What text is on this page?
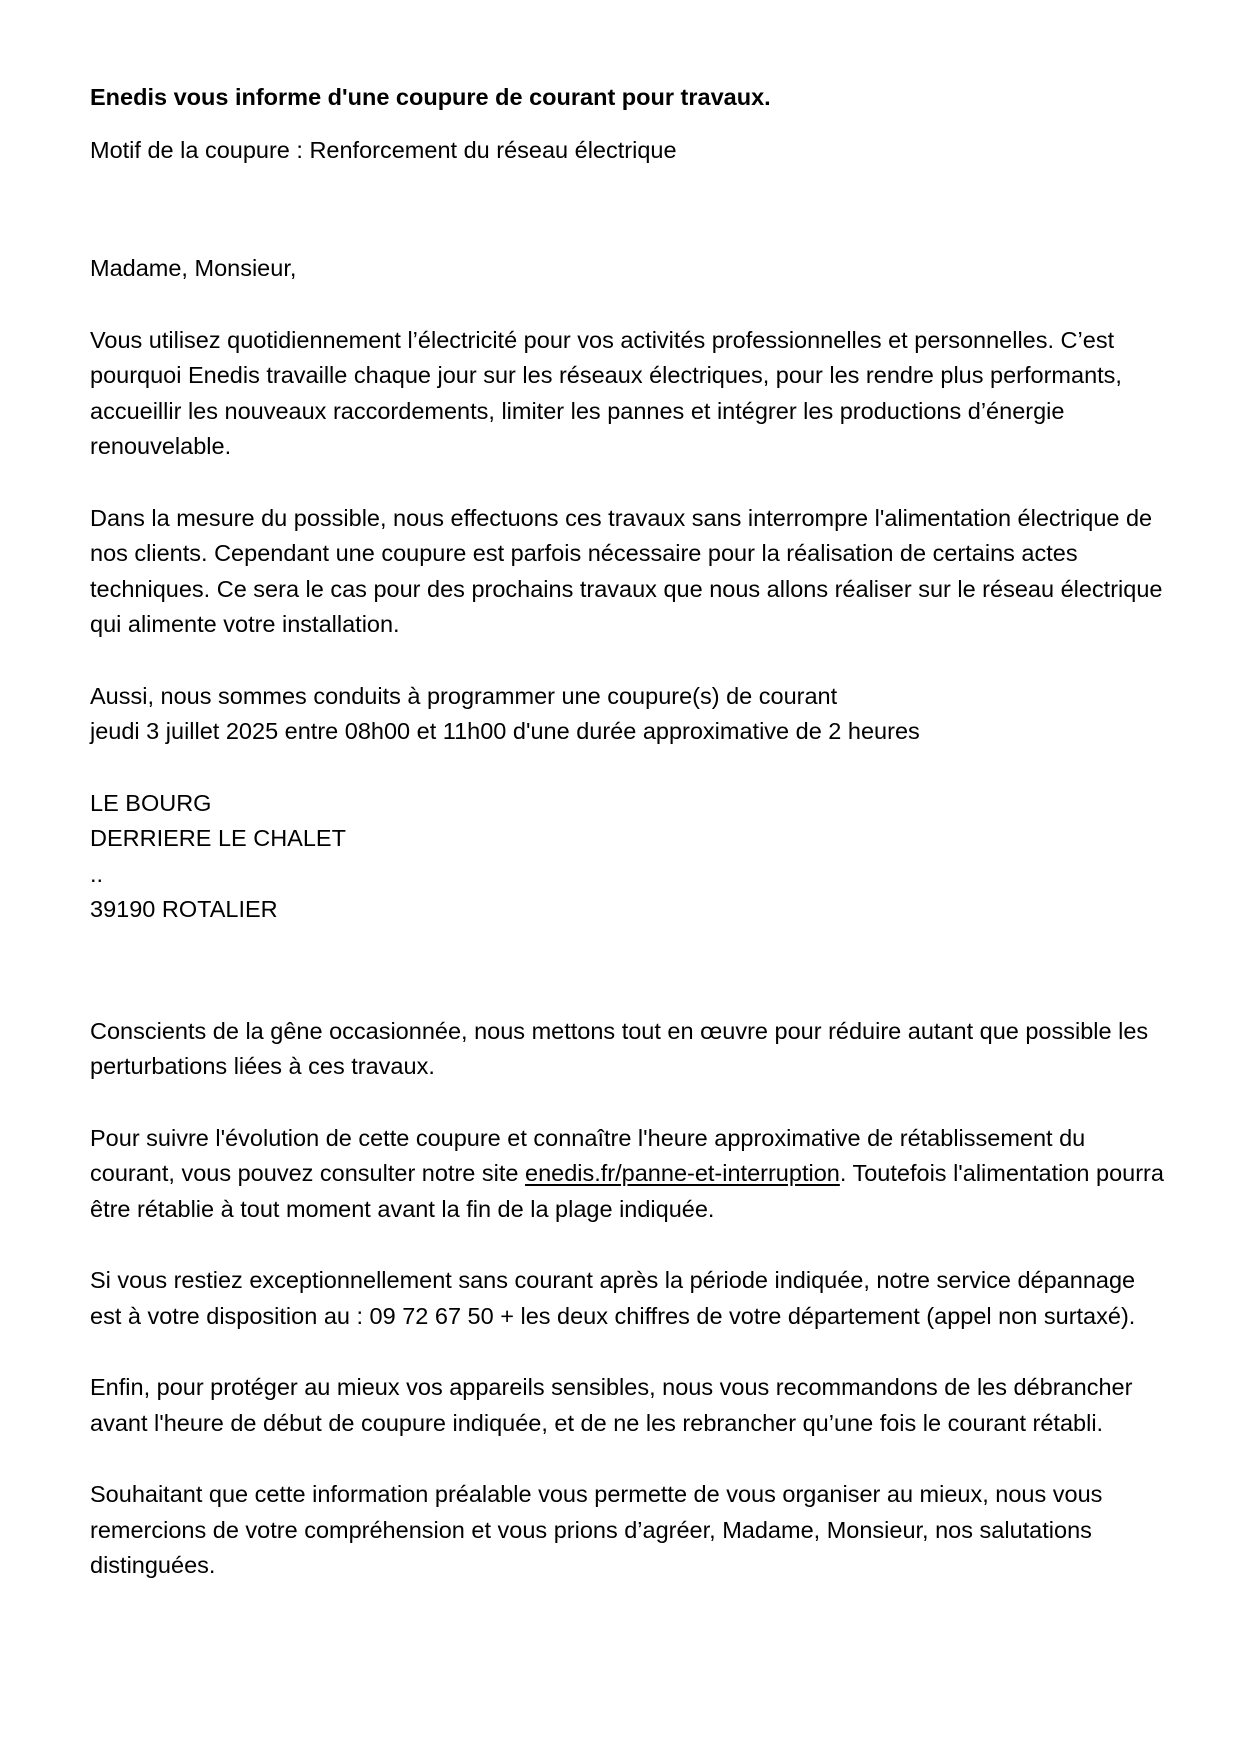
Enedis vous informe d'une coupure de courant pour travaux.

Motif de la coupure : Renforcement du réseau électrique

Madame, Monsieur,

Vous utilisez quotidiennement l’électricité pour vos activités professionnelles et personnelles. C’est pourquoi Enedis travaille chaque jour sur les réseaux électriques, pour les rendre plus performants, accueillir les nouveaux raccordements, limiter les pannes et intégrer les productions d’énergie renouvelable.

Dans la mesure du possible, nous effectuons ces travaux sans interrompre l'alimentation électrique de nos clients. Cependant une coupure est parfois nécessaire pour la réalisation de certains actes techniques. Ce sera le cas pour des prochains travaux que nous allons réaliser sur le réseau électrique qui alimente votre installation.

Aussi, nous sommes conduits à programmer une coupure(s) de courant

jeudi 3 juillet 2025 entre 08h00 et 11h00 d'une durée approximative de 2 heures

LE BOURG
DERRIERE LE CHALET
..
39190 ROTALIER

Conscients de la gêne occasionnée, nous mettons tout en œuvre pour réduire autant que possible les perturbations liées à ces travaux.

Pour suivre l'évolution de cette coupure et connaître l'heure approximative de rétablissement du courant, vous pouvez consulter notre site enedis.fr/panne-et-interruption. Toutefois l'alimentation pourra être rétablie à tout moment avant la fin de la plage indiquée.

Si vous restiez exceptionnellement sans courant après la période indiquée, notre service dépannage est à votre disposition au : 09 72 67 50 + les deux chiffres de votre département (appel non surtaxé).

Enfin, pour protéger au mieux vos appareils sensibles, nous vous recommandons de les débrancher avant l'heure de début de coupure indiquée, et de ne les rebrancher qu’une fois le courant rétabli.

Souhaitant que cette information préalable vous permette de vous organiser au mieux, nous vous remercions de votre compréhension et vous prions d’agréer, Madame, Monsieur, nos salutations distinguées.
